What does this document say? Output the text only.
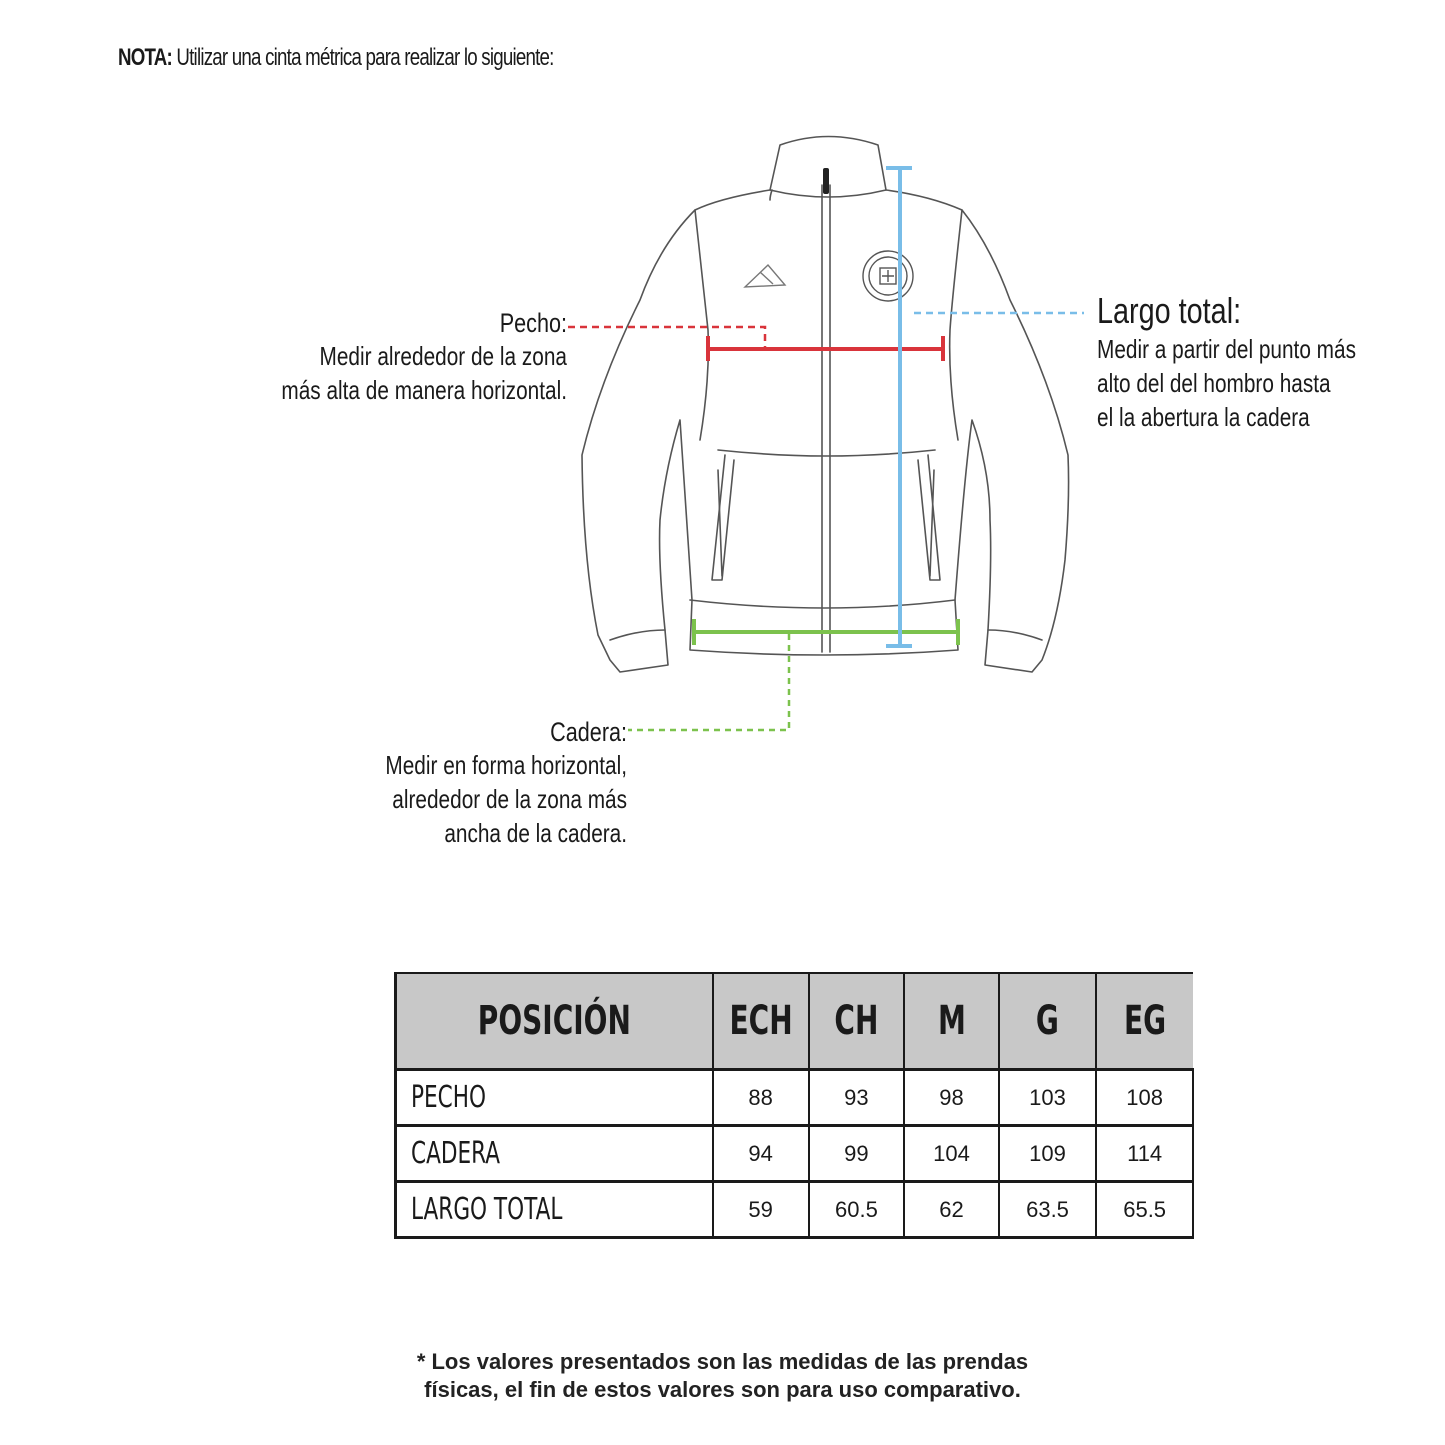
NOTA: Utilizar una cinta métrica para realizar lo siguiente:
Pecho:
Medir alrededor de la zona
más alta de manera horizontal.
Cadera:
Medir en forma horizontal,
alrededor de la zona más
ancha de la cadera.
Largo total:
Medir a partir del punto más
alto del del hombro hasta
el la abertura la cadera
POSICIÓN	ECH	CH	M	G	EG
PECHO	88	93	98	103	108
CADERA	94	99	104	109	114
LARGO TOTAL	59	60.5	62	63.5	65.5
* Los valores presentados son las medidas de las prendas
físicas, el fin de estos valores son para uso comparativo.
